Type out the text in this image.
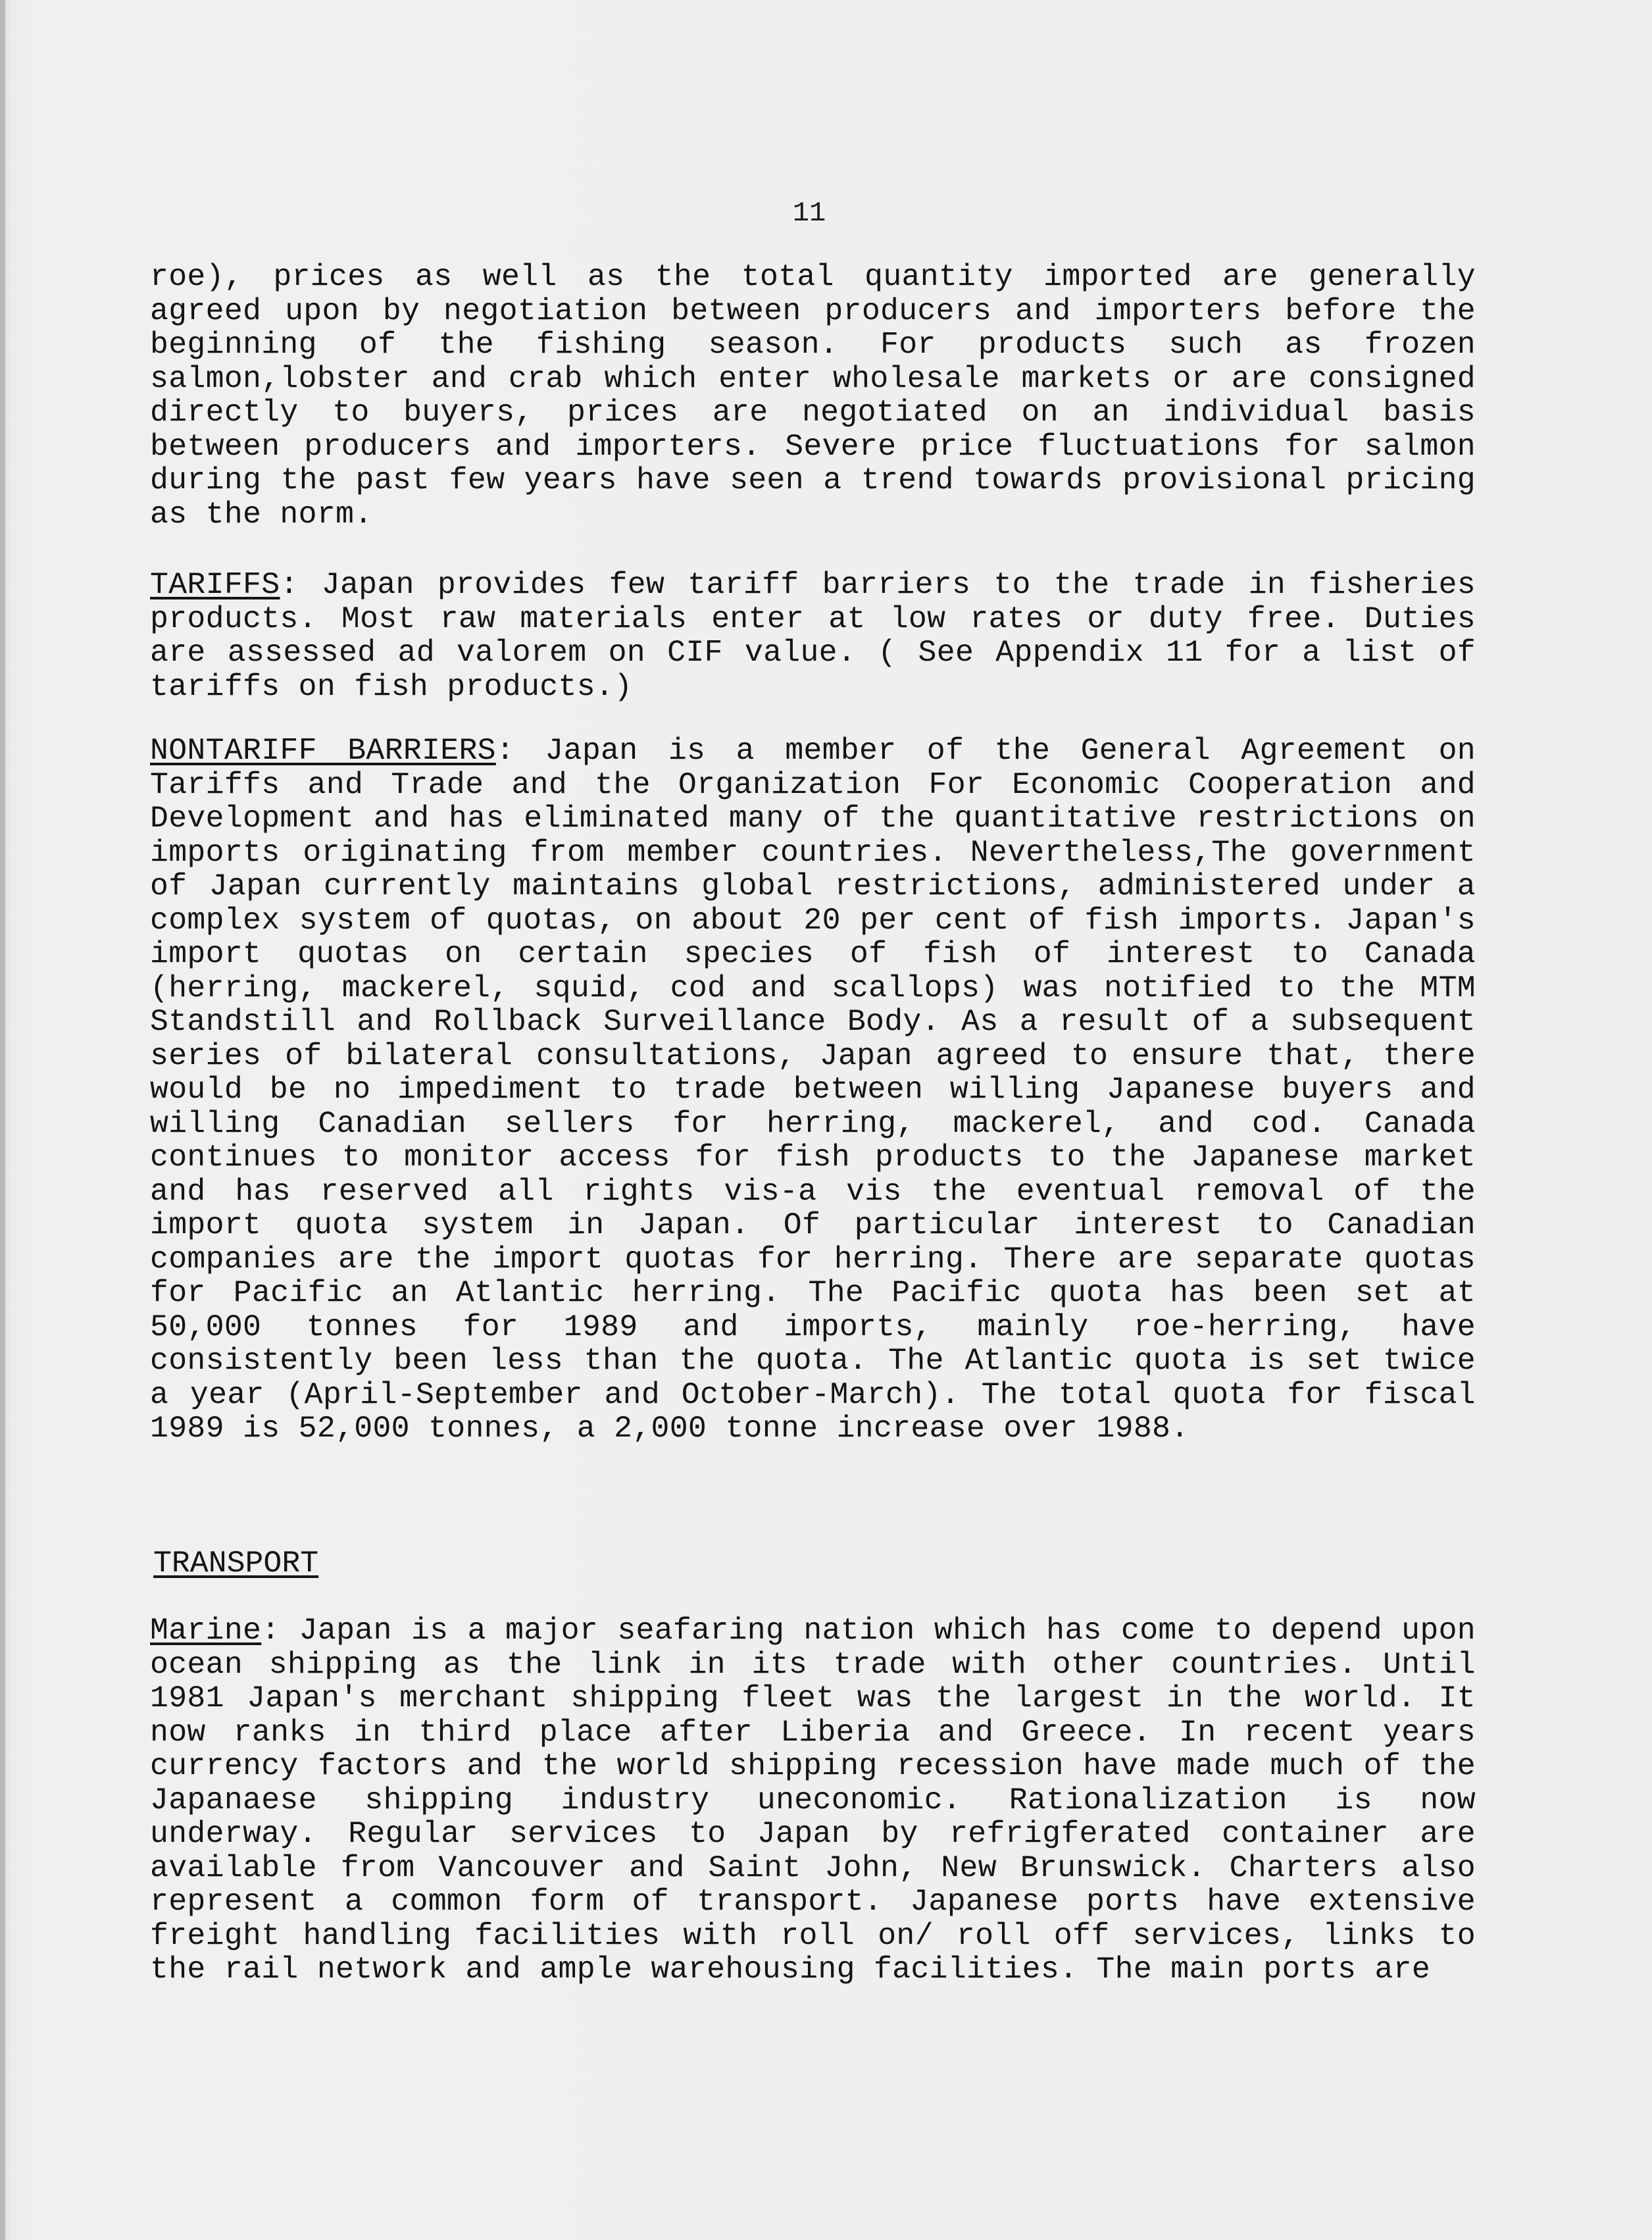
11
roe), prices as well as the total quantity imported are generally agreed upon by negotiation between producers and importers before the beginning of the fishing season. For products such as frozen salmon,lobster and crab which enter wholesale markets or are consigned directly to buyers, prices are negotiated on an individual basis between producers and importers. Severe price fluctuations for salmon during the past few years have seen a trend towards provisional pricing as the norm.
TARIFFS: Japan provides few tariff barriers to the trade in fisheries products. Most raw materials enter at low rates or duty free. Duties are assessed ad valorem on CIF value. ( See Appendix 11 for a list of tariffs on fish products.)
NONTARIFF BARRIERS: Japan is a member of the General Agreement on Tariffs and Trade and the Organization For Economic Cooperation and Development and has eliminated many of the quantitative restrictions on imports originating from member countries. Nevertheless,The government of Japan currently maintains global restrictions, administered under a complex system of quotas, on about 20 per cent of fish imports. Japan's import quotas on certain species of fish of interest to Canada (herring, mackerel, squid, cod and scallops) was notified to the MTM Standstill and Rollback Surveillance Body. As a result of a subsequent series of bilateral consultations, Japan agreed to ensure that, there would be no impediment to trade between willing Japanese buyers and willing Canadian sellers for herring, mackerel, and cod. Canada continues to monitor access for fish products to the Japanese market and has reserved all rights vis-a vis the eventual removal of the import quota system in Japan. Of particular interest to Canadian companies are the import quotas for herring. There are separate quotas for Pacific an Atlantic herring. The Pacific quota has been set at 50,000 tonnes for 1989 and imports, mainly roe-herring, have consistently been less than the quota. The Atlantic quota is set twice a year (April-September and October-March). The total quota for fiscal 1989 is 52,000 tonnes, a 2,000 tonne increase over 1988.
TRANSPORT
Marine: Japan is a major seafaring nation which has come to depend upon ocean shipping as the link in its trade with other countries. Until 1981 Japan's merchant shipping fleet was the largest in the world. It now ranks in third place after Liberia and Greece. In recent years currency factors and the world shipping recession have made much of the Japanaese shipping industry uneconomic. Rationalization is now underway. Regular services to Japan by refrigferated container are available from Vancouver and Saint John, New Brunswick. Charters also represent a common form of transport. Japanese ports have extensive freight handling facilities with roll on/ roll off services, links to the rail network and ample warehousing facilities. The main ports are
